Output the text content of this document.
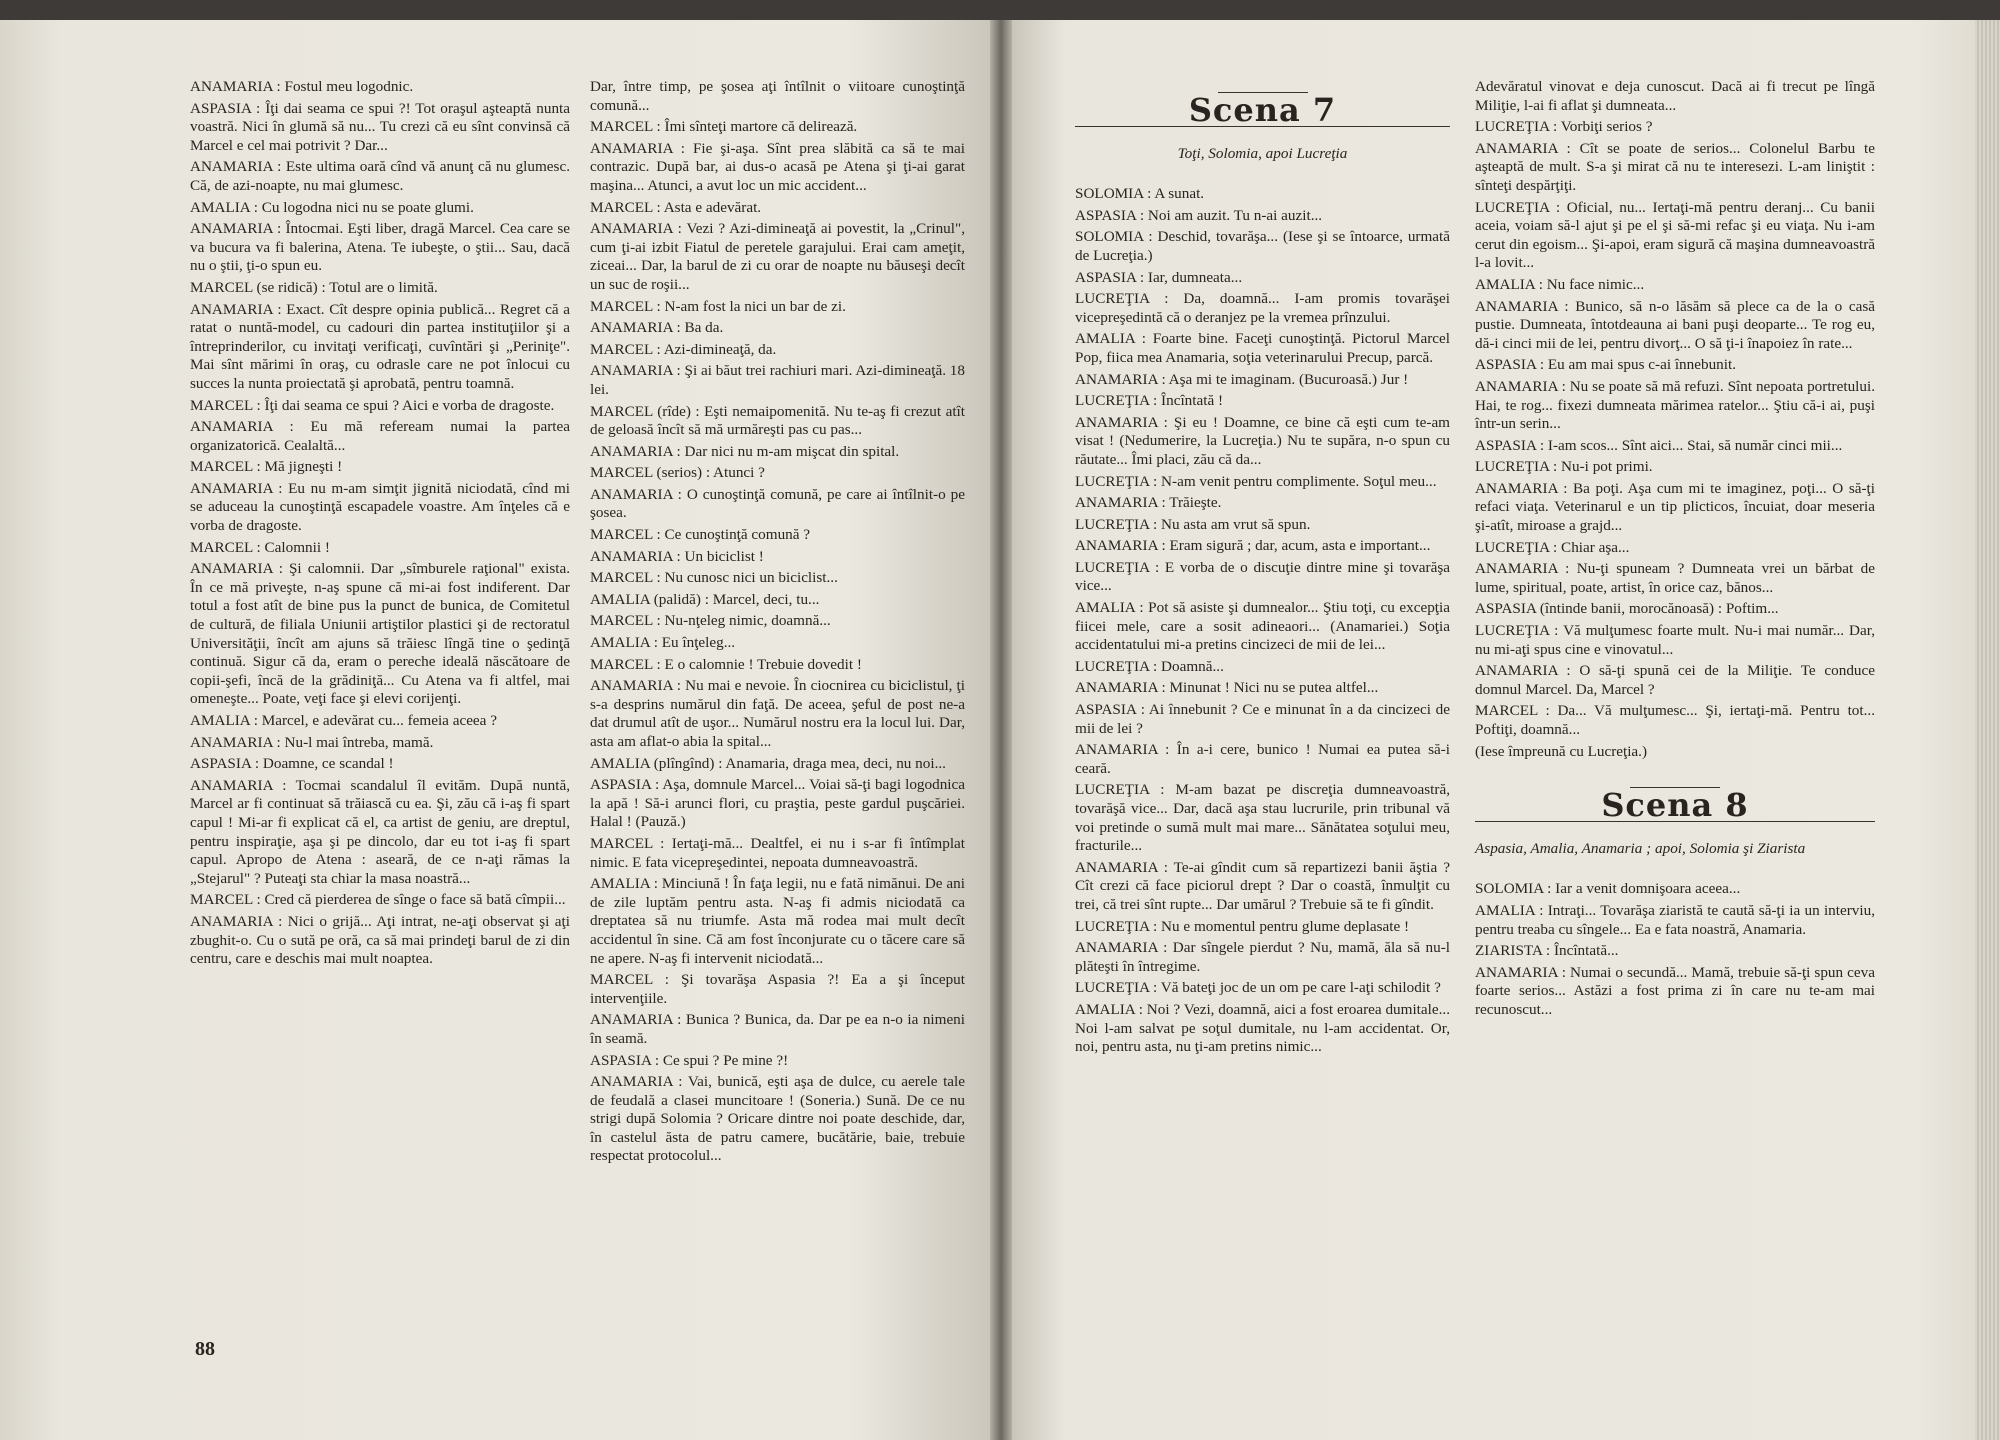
ANAMARIA : Fostul meu logodnic.

ASPASIA : Îţi dai seama ce spui ?! Tot oraşul aşteaptă nunta voastră. Nici în glumă să nu... Tu crezi că eu sînt convinsă că Marcel e cel mai potrivit ? Dar...

ANAMARIA : Este ultima oară cînd vă anunţ că nu glumesc. Că, de azi-noapte, nu mai glumesc.

AMALIA : Cu logodna nici nu se poate glumi.

ANAMARIA : Întocmai. Eşti liber, dragă Marcel. Cea care se va bucura va fi balerina, Atena. Te iubeşte, o ştii... Sau, dacă nu o ştii, ţi-o spun eu.

MARCEL (se ridică) : Totul are o limită.

ANAMARIA : Exact. Cît despre opinia publică... Regret că a ratat o nuntă-model, cu cadouri din partea instituţiilor şi a întreprinderilor, cu invitaţi verificaţi, cuvîntări şi „Periniţe". Mai sînt mărimi în oraş, cu odrasle care ne pot înlocui cu succes la nunta proiectată şi aprobată, pentru toamnă.

MARCEL : Îţi dai seama ce spui ? Aici e vorba de dragoste.

ANAMARIA : Eu mă refeream numai la partea organizatorică. Cealaltă...

MARCEL : Mă jigneşti !

ANAMARIA : Eu nu m-am simţit jignită niciodată, cînd mi se aduceau la cunoştinţă escapadele voastre. Am înţeles că e vorba de dragoste.

MARCEL : Calomnii !

ANAMARIA : Şi calomnii. Dar „sîmburele raţional" exista. În ce mă priveşte, n-aş spune că mi-ai fost indiferent. Dar totul a fost atît de bine pus la punct de bunica, de Comitetul de cultură, de filiala Uniunii artiştilor plastici şi de rectoratul Universităţii, încît am ajuns să trăiesc lîngă tine o şedinţă continuă. Sigur că da, eram o pereche ideală născătoare de copii-şefi, încă de la grădiniţă... Cu Atena va fi altfel, mai omeneşte... Poate, veţi face şi elevi corijenţi.

AMALIA : Marcel, e adevărat cu... femeia aceea ?

ANAMARIA : Nu-l mai întreba, mamă.

ASPASIA : Doamne, ce scandal !

ANAMARIA : Tocmai scandalul îl evităm. După nuntă, Marcel ar fi continuat să trăiască cu ea. Şi, zău că i-aş fi spart capul ! Mi-ar fi explicat că el, ca artist de geniu, are dreptul, pentru inspiraţie, aşa şi pe dincolo, dar eu tot i-aş fi spart capul. Apropo de Atena : aseară, de ce n-aţi rămas la „Stejarul" ? Puteaţi sta chiar la masa noastră...

MARCEL : Cred că pierderea de sînge o face să bată cîmpii...

ANAMARIA : Nici o grijă... Aţi intrat, ne-aţi observat şi aţi zbughit-o. Cu o sută pe oră, ca să mai prindeţi barul de zi din centru, care e deschis mai mult noaptea.

Dar, între timp, pe şosea aţi întîlnit o viitoare cunoştinţă comună...

MARCEL : Îmi sînteţi martore că delirează.

ANAMARIA : Fie şi-aşa. Sînt prea slăbită ca să te mai contrazic. După bar, ai dus-o acasă pe Atena şi ţi-ai garat maşina... Atunci, a avut loc un mic accident...

MARCEL : Asta e adevărat.

ANAMARIA : Vezi ? Azi-dimineaţă ai povestit, la „Crinul", cum ţi-ai izbit Fiatul de peretele garajului. Erai cam ameţit, ziceai... Dar, la barul de zi cu orar de noapte nu băuseşi decît un suc de roşii...

MARCEL : N-am fost la nici un bar de zi.

ANAMARIA : Ba da.

MARCEL : Azi-dimineaţă, da.

ANAMARIA : Şi ai băut trei rachiuri mari. Azi-dimineaţă. 18 lei.

MARCEL (rîde) : Eşti nemaipomenită. Nu te-aş fi crezut atît de geloasă încît să mă urmăreşti pas cu pas...

ANAMARIA : Dar nici nu m-am mişcat din spital.

MARCEL (serios) : Atunci ?

ANAMARIA : O cunoştinţă comună, pe care ai întîlnit-o pe şosea.

MARCEL : Ce cunoştinţă comună ?

ANAMARIA : Un biciclist !

MARCEL : Nu cunosc nici un biciclist...

AMALIA (palidă) : Marcel, deci, tu...

MARCEL : Nu-nţeleg nimic, doamnă...

AMALIA : Eu înţeleg...

MARCEL : E o calomnie ! Trebuie dovedit !

ANAMARIA : Nu mai e nevoie. În ciocnirea cu biciclistul, ţi s-a desprins numărul din faţă. De aceea, şeful de post ne-a dat drumul atît de uşor... Numărul nostru era la locul lui. Dar, asta am aflat-o abia la spital...

AMALIA (plîngînd) : Anamaria, draga mea, deci, nu noi...

ASPASIA : Aşa, domnule Marcel... Voiai să-ţi bagi logodnica la apă ! Să-i arunci flori, cu praştia, peste gardul puşcăriei. Halal ! (Pauză.)

MARCEL : Iertaţi-mă... Dealtfel, ei nu i s-ar fi întîmplat nimic. E fata vicepreşedintei, nepoata dumneavoastră.

AMALIA : Minciună ! În faţa legii, nu e fată nimănui. De ani de zile luptăm pentru asta. N-aş fi admis niciodată ca dreptatea să nu triumfe. Asta mă rodea mai mult decît accidentul în sine. Că am fost înconjurate cu o tăcere care să ne apere. N-aş fi intervenit niciodată...

MARCEL : Şi tovarăşa Aspasia ?! Ea a şi început intervenţiile.

ANAMARIA : Bunica ? Bunica, da. Dar pe ea n-o ia nimeni în seamă.

ASPASIA : Ce spui ? Pe mine ?!

ANAMARIA : Vai, bunică, eşti aşa de dulce, cu aerele tale de feudală a clasei muncitoare ! (Soneria.) Sună. De ce nu strigi după Solomia ? Oricare dintre noi poate deschide, dar, în castelul ăsta de patru camere, bucătărie, baie, trebuie respectat protocolul...

Scena 7
Toţi, Solomia, apoi Lucreţia

SOLOMIA : A sunat.

ASPASIA : Noi am auzit. Tu n-ai auzit...

SOLOMIA : Deschid, tovarăşa... (Iese şi se întoarce, urmată de Lucreţia.)

ASPASIA : Iar, dumneata...

LUCREŢIA : Da, doamnă... I-am promis tovarăşei vicepreşedintă că o deranjez pe la vremea prînzului.

AMALIA : Foarte bine. Faceţi cunoştinţă. Pictorul Marcel Pop, fiica mea Anamaria, soţia veterinarului Precup, parcă.

ANAMARIA : Aşa mi te imaginam. (Bucuroasă.) Jur !

LUCREŢIA : Încîntată !

ANAMARIA : Şi eu ! Doamne, ce bine că eşti cum te-am visat ! (Nedumerire, la Lucreţia.) Nu te supăra, n-o spun cu răutate... Îmi placi, zău că da...

LUCREŢIA : N-am venit pentru complimente. Soţul meu...

ANAMARIA : Trăieşte.

LUCREŢIA : Nu asta am vrut să spun.

ANAMARIA : Eram sigură ; dar, acum, asta e important...

LUCREŢIA : E vorba de o discuţie dintre mine şi tovarăşa vice...

AMALIA : Pot să asiste şi dumnealor... Ştiu toţi, cu excepţia fiicei mele, care a sosit adineaori... (Anamariei.) Soţia accidentatului mi-a pretins cincizeci de mii de lei...

LUCREŢIA : Doamnă...

ANAMARIA : Minunat ! Nici nu se putea altfel...

ASPASIA : Ai înnebunit ? Ce e minunat în a da cincizeci de mii de lei ?

ANAMARIA : În a-i cere, bunico ! Numai ea putea să-i ceară.

LUCREŢIA : M-am bazat pe discreţia dumneavoastră, tovarăşă vice... Dar, dacă aşa stau lucrurile, prin tribunal vă voi pretinde o sumă mult mai mare... Sănătatea soţului meu, fracturile...

ANAMARIA : Te-ai gîndit cum să repartizezi banii ăştia ? Cît crezi că face piciorul drept ? Dar o coastă, înmulţit cu trei, că trei sînt rupte... Dar umărul ? Trebuie să te fi gîndit.

LUCREŢIA : Nu e momentul pentru glume deplasate !

ANAMARIA : Dar sîngele pierdut ? Nu, mamă, ăla să nu-l plăteşti în întregime.

LUCREŢIA : Vă bateţi joc de un om pe care l-aţi schilodit ?

AMALIA : Noi ? Vezi, doamnă, aici a fost eroarea dumitale... Noi l-am salvat pe soţul dumitale, nu l-am accidentat. Or, noi, pentru asta, nu ţi-am pretins nimic...

Adevăratul vinovat e deja cunoscut. Dacă ai fi trecut pe lîngă Miliţie, l-ai fi aflat şi dumneata...

LUCREŢIA : Vorbiţi serios ?

ANAMARIA : Cît se poate de serios... Colonelul Barbu te aşteaptă de mult. S-a şi mirat că nu te interesezi. L-am liniştit : sînteţi despărţiţi.

LUCREŢIA : Oficial, nu... Iertaţi-mă pentru deranj... Cu banii aceia, voiam să-l ajut şi pe el şi să-mi refac şi eu viaţa. Nu i-am cerut din egoism... Şi-apoi, eram sigură că maşina dumneavoastră l-a lovit...

AMALIA : Nu face nimic...

ANAMARIA : Bunico, să n-o lăsăm să plece ca de la o casă pustie. Dumneata, întotdeauna ai bani puşi deoparte... Te rog eu, dă-i cinci mii de lei, pentru divorţ... O să ţi-i înapoiez în rate...

ASPASIA : Eu am mai spus c-ai înnebunit.

ANAMARIA : Nu se poate să mă refuzi. Sînt nepoata portretului. Hai, te rog... fixezi dumneata mărimea ratelor... Ştiu că-i ai, puşi într-un serin...

ASPASIA : I-am scos... Sînt aici... Stai, să număr cinci mii...

LUCREŢIA : Nu-i pot primi.

ANAMARIA : Ba poţi. Aşa cum mi te imaginez, poţi... O să-ţi refaci viaţa. Veterinarul e un tip plicticos, încuiat, doar meseria şi-atît, miroase a grajd...

LUCREŢIA : Chiar aşa...

ANAMARIA : Nu-ţi spuneam ? Dumneata vrei un bărbat de lume, spiritual, poate, artist, în orice caz, bănos...

ASPASIA (întinde banii, morocănoasă) : Poftim...

LUCREŢIA : Vă mulţumesc foarte mult. Nu-i mai număr... Dar, nu mi-aţi spus cine e vinovatul...

ANAMARIA : O să-ţi spună cei de la Miliţie. Te conduce domnul Marcel. Da, Marcel ?

MARCEL : Da... Vă mulţumesc... Şi, iertaţi-mă. Pentru tot... Poftiţi, doamnă...

(Iese împreună cu Lucreţia.)

Scena 8
Aspasia, Amalia, Anamaria ; apoi, Solomia şi Ziarista

SOLOMIA : Iar a venit domnişoara aceea...

AMALIA : Intraţi... Tovarăşa ziaristă te caută să-ţi ia un interviu, pentru treaba cu sîngele... Ea e fata noastră, Anamaria.

ZIARISTA : Încîntată...

ANAMARIA : Numai o secundă... Mamă, trebuie să-ţi spun ceva foarte serios... Astăzi a fost prima zi în care nu te-am mai recunoscut...

88
